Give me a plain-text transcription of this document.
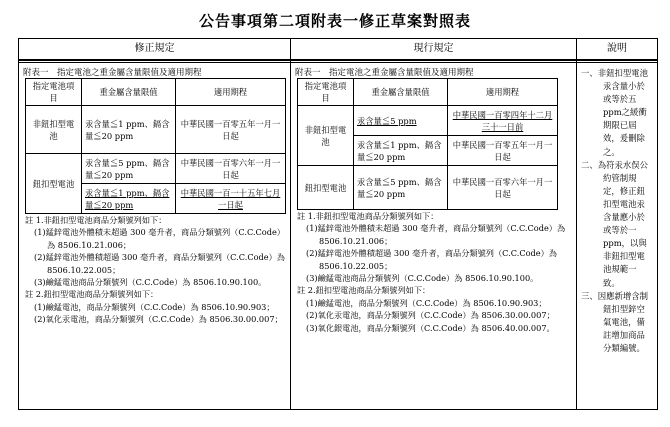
公告事項第二項附表一修正草案對照表
修正規定
附表一　指定電池之重金屬含量限值及適用期程
指定電池項目	重金屬含量限值	適用期程
非鈕扣型電池	汞含量≦1 ppm、鎘含量≦20 ppm	中華民國一百零五年一月一日起
鈕扣型電池	汞含量≦5 ppm、鎘含量≦20 ppm	中華民國一百零六年一月一日起
	汞含量≦1 ppm、鎘含量≦20 ppm	中華民國一百一十五年七月一日起
註 1.非鈕扣型電池商品分類號列如下：
(1)錳鋅電池外體積未超過 300 毫升者，商品分類號列（C.C.Code）為 8506.10.21.006；
(2)錳鋅電池外體積超過 300 毫升者，商品分類號列（C.C.Code）為 8506.10.22.005；
(3)鹼錳電池商品分類號列（C.C.Code）為 8506.10.90.100。
註 2.鈕扣型電池商品分類號列如下：
(1)鹼錳電池，商品分類號列（C.C.Code）為 8506.10.90.903；
(2)氧化汞電池，商品分類號列（C.C.Code）為 8506.30.00.007；
現行規定
附表一　指定電池之重金屬含量限值及適用期程
指定電池項目	重金屬含量限值	適用期程
非鈕扣型電池	汞含量≦5 ppm	中華民國一百零四年十二月三十一日前
	汞含量≦1 ppm、鎘含量≦20 ppm	中華民國一百零五年一月一日起
鈕扣型電池	汞含量≦5 ppm、鎘含量≦20 ppm	中華民國一百零六年一月一日起
註 1.非鈕扣型電池商品分類號列如下：
(1)錳鋅電池外體積未超過 300 毫升者，商品分類號列（C.C.Code）為 8506.10.21.006；
(2)錳鋅電池外體積超過 300 毫升者，商品分類號列（C.C.Code）為 8506.10.22.005；
(3)鹼錳電池商品分類號列（C.C.Code）為 8506.10.90.100。
註 2.鈕扣型電池商品分類號列如下：
(1)鹼錳電池，商品分類號列（C.C.Code）為 8506.10.90.903；
(2)氧化汞電池，商品分類號列（C.C.Code）為 8506.30.00.007；
(3)氧化銀電池，商品分類號列（C.C.Code）為 8506.40.00.007。
說明
一、非鈕扣型電池汞含量小於或等於五ppm之緩衝期限已屆效，爰刪除之。
二、為符汞水俣公約管制規定，修正鈕扣型電池汞含量應小於或等於一ppm，以與非鈕扣型電池規範一致。
三、因應新增含制鈕扣型鋅空氣電池，備註增加商品分類編號。
